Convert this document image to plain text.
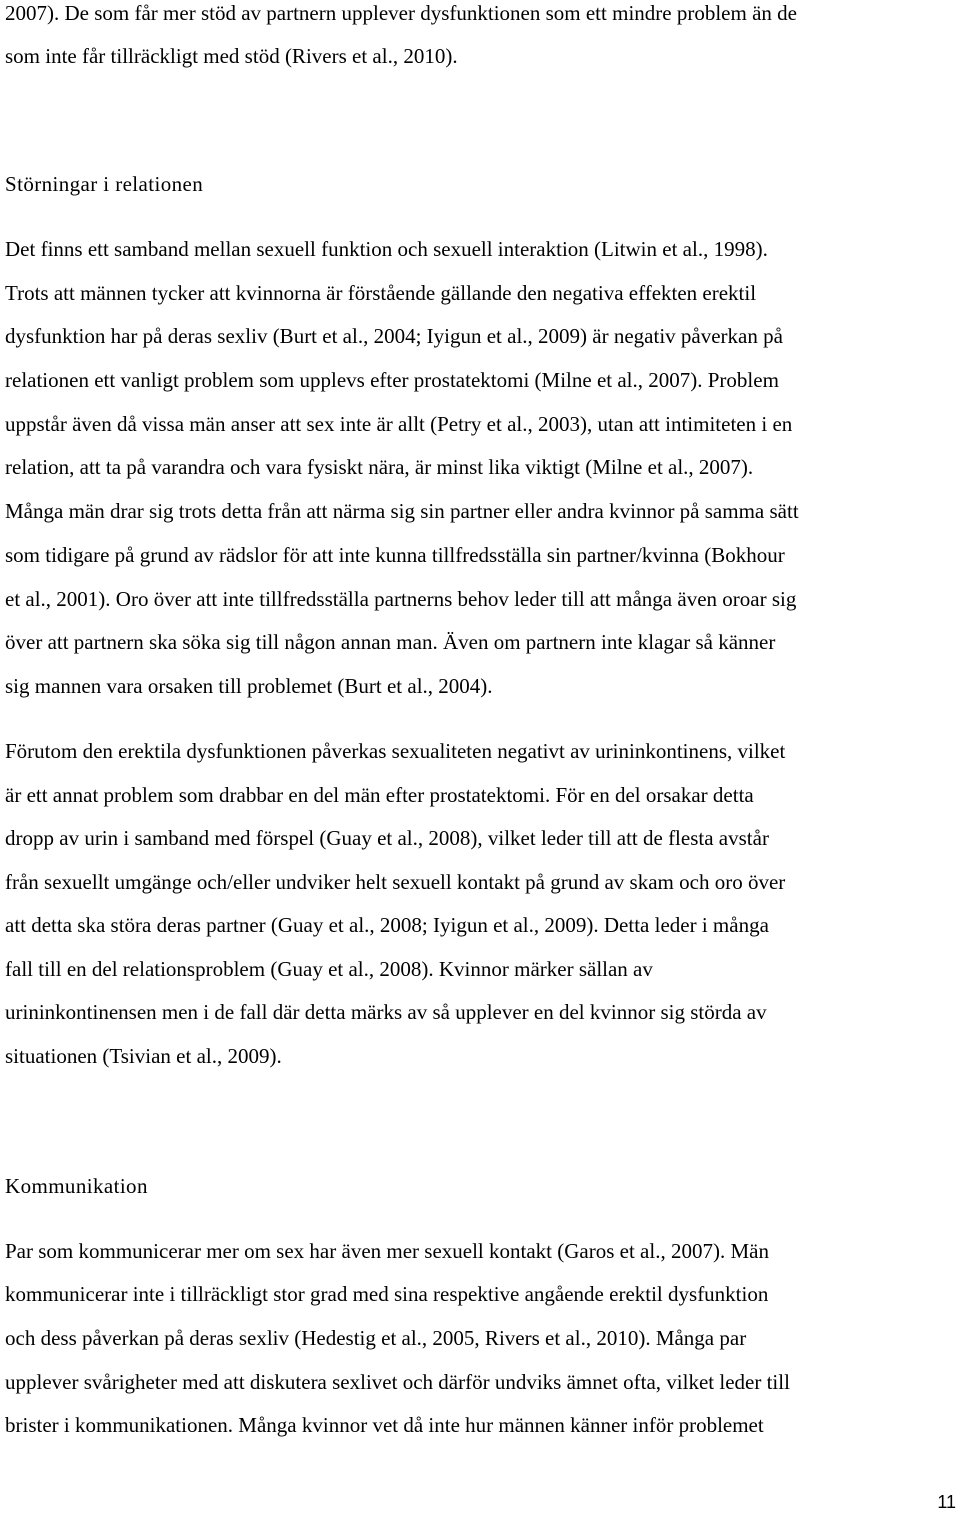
2007). De som får mer stöd av partnern upplever dysfunktionen som ett mindre problem än de
som inte får tillräckligt med stöd (Rivers et al., 2010).
Störningar i relationen
Det finns ett samband mellan sexuell funktion och sexuell interaktion (Litwin et al., 1998).
Trots att männen tycker att kvinnorna är förstående gällande den negativa effekten erektil
dysfunktion har på deras sexliv (Burt et al., 2004; Iyigun et al., 2009) är negativ påverkan på
relationen ett vanligt problem som upplevs efter prostatektomi (Milne et al., 2007). Problem
uppstår även då vissa män anser att sex inte är allt (Petry et al., 2003), utan att intimiteten i en
relation, att ta på varandra och vara fysiskt nära, är minst lika viktigt (Milne et al., 2007).
Många män drar sig trots detta från att närma sig sin partner eller andra kvinnor på samma sätt
som tidigare på grund av rädslor för att inte kunna tillfredsställa sin partner/kvinna (Bokhour
et al., 2001). Oro över att inte tillfredsställa partnerns behov leder till att många även oroar sig
över att partnern ska söka sig till någon annan man. Även om partnern inte klagar så känner
sig mannen vara orsaken till problemet (Burt et al., 2004).
Förutom den erektila dysfunktionen påverkas sexualiteten negativt av urininkontinens, vilket
är ett annat problem som drabbar en del män efter prostatektomi. För en del orsakar detta
dropp av urin i samband med förspel (Guay et al., 2008), vilket leder till att de flesta avstår
från sexuellt umgänge och/eller undviker helt sexuell kontakt på grund av skam och oro över
att detta ska störa deras partner (Guay et al., 2008; Iyigun et al., 2009). Detta leder i många
fall till en del relationsproblem (Guay et al., 2008). Kvinnor märker sällan av
urininkontinensen men i de fall där detta märks av så upplever en del kvinnor sig störda av
situationen (Tsivian et al., 2009).
Kommunikation
Par som kommunicerar mer om sex har även mer sexuell kontakt (Garos et al., 2007). Män
kommunicerar inte i tillräckligt stor grad med sina respektive angående erektil dysfunktion
och dess påverkan på deras sexliv (Hedestig et al., 2005, Rivers et al., 2010). Många par
upplever svårigheter med att diskutera sexlivet och därför undviks ämnet ofta, vilket leder till
brister i kommunikationen. Många kvinnor vet då inte hur männen känner inför problemet
11
